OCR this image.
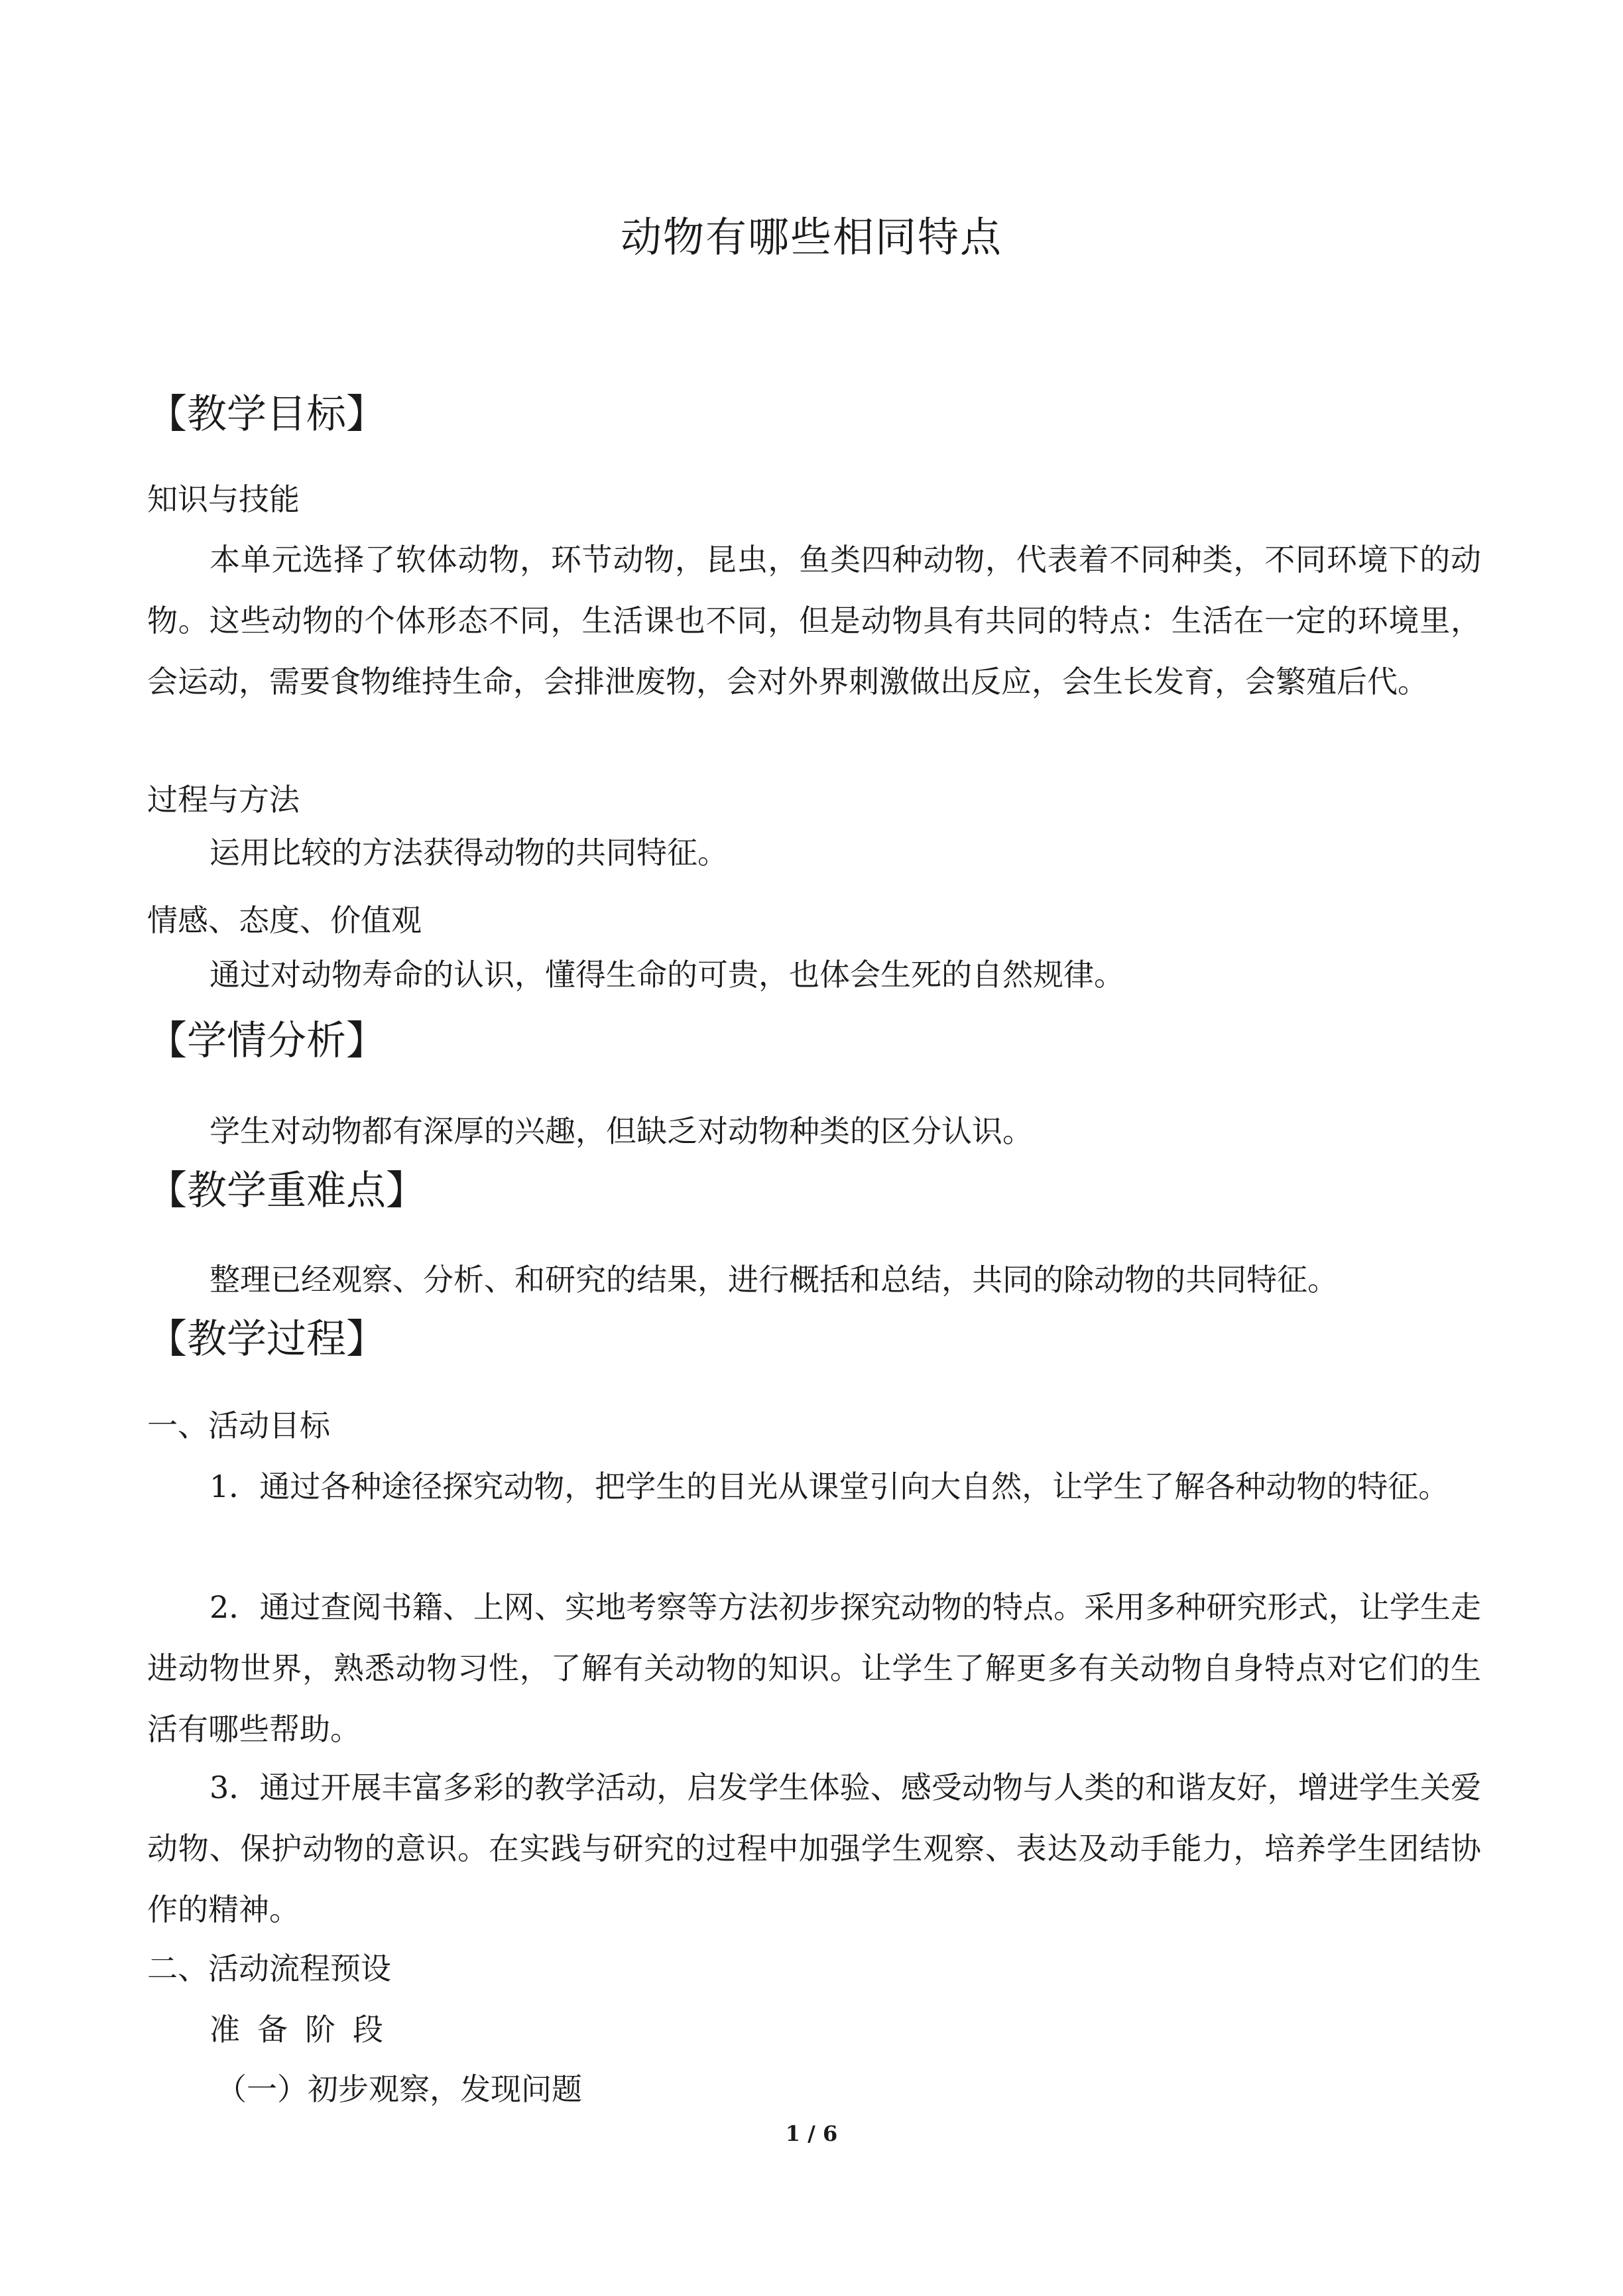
动物有哪些相同特点
【教学目标】
知识与技能
本单元选择了软体动物，环节动物，昆虫，鱼类四种动物，代表着不同种类，不同环境下的动物。这些动物的个体形态不同，生活课也不同，但是动物具有共同的特点：生活在一定的环境里，会运动，需要食物维持生命，会排泄废物，会对外界刺激做出反应，会生长发育，会繁殖后代。
过程与方法
运用比较的方法获得动物的共同特征。
情感、态度、价值观
通过对动物寿命的认识，懂得生命的可贵，也体会生死的自然规律。
【学情分析】
学生对动物都有深厚的兴趣，但缺乏对动物种类的区分认识。
【教学重难点】
整理已经观察、分析、和研究的结果，进行概括和总结，共同的除动物的共同特征。
【教学过程】
一、活动目标
1．通过各种途径探究动物，把学生的目光从课堂引向大自然，让学生了解各种动物的特征。
2．通过查阅书籍、上网、实地考察等方法初步探究动物的特点。采用多种研究形式，让学生走进动物世界，熟悉动物习性，了解有关动物的知识。让学生了解更多有关动物自身特点对它们的生活有哪些帮助。
3．通过开展丰富多彩的教学活动，启发学生体验、感受动物与人类的和谐友好，增进学生关爱动物、保护动物的意识。在实践与研究的过程中加强学生观察、表达及动手能力，培养学生团结协作的精神。
二、活动流程预设
准备阶段
（一）初步观察，发现问题
1 / 6
